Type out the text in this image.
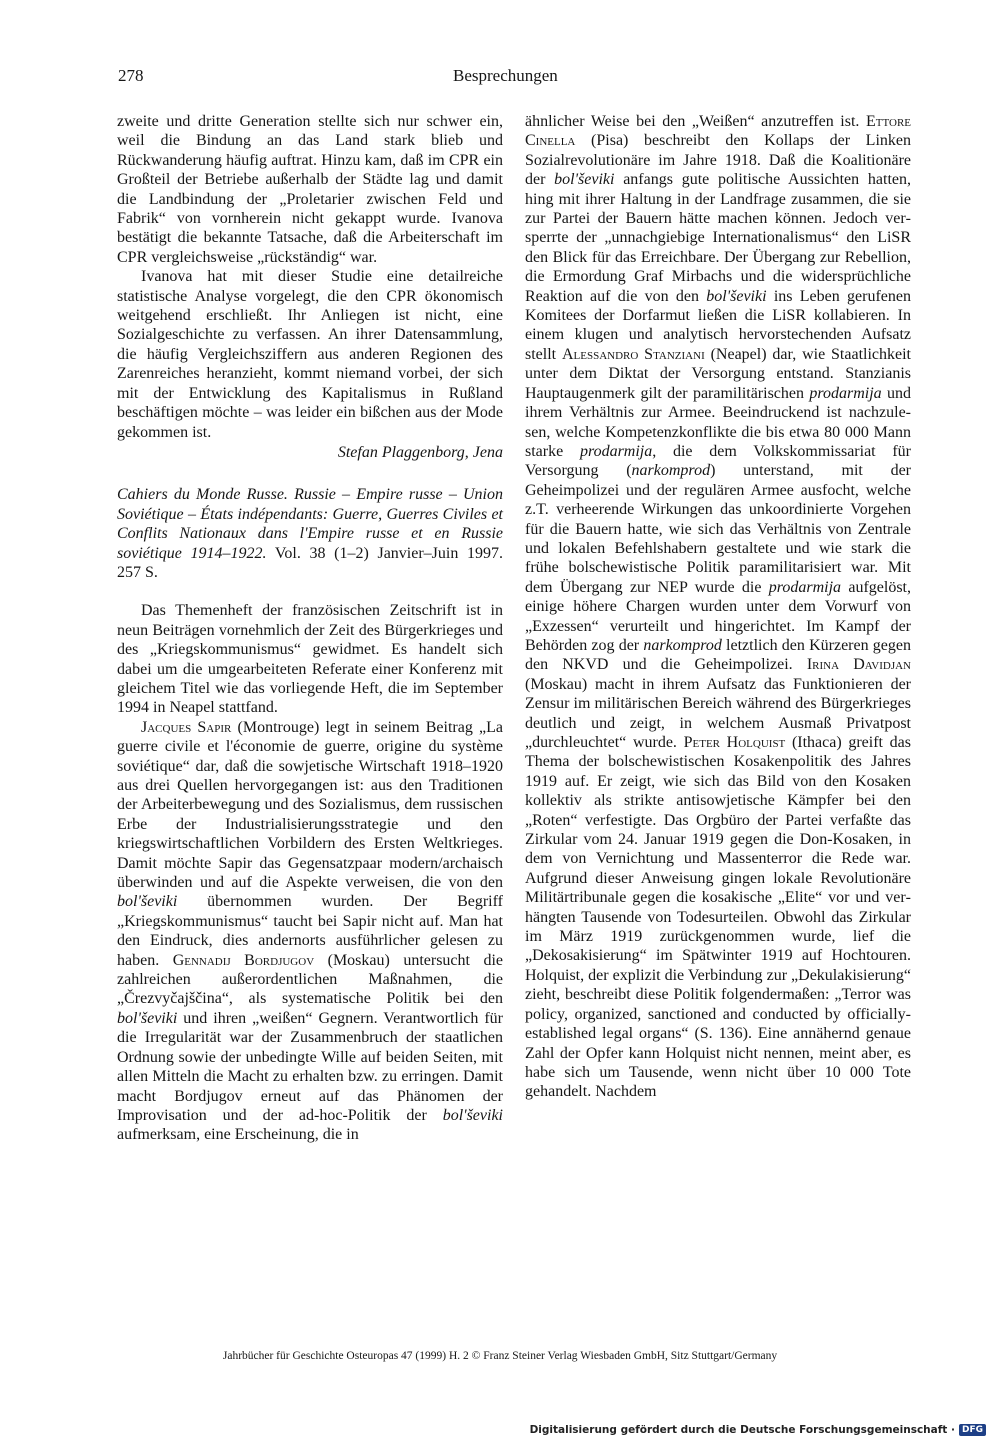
278	Besprechungen

zweite und dritte Generation stellte sich nur schwer ein, weil die Bindung an das Land stark blieb und Rückwanderung häufig auftrat. Hinzu kam, daß im CPR ein Großteil der Betriebe außerhalb der Städte lag und damit die Landbindung der „Proletarier zwischen Feld und Fabrik“ von vornherein nicht gekappt wurde. Ivanova bestätigt die bekannte Tatsache, daß die Arbeiterschaft im CPR vergleichsweise „rückständig“ war.

Ivanova hat mit dieser Studie eine detailreiche statistische Analyse vorgelegt, die den CPR ökonomisch weitgehend erschließt. Ihr Anliegen ist nicht, eine Sozialgeschichte zu verfassen. An ihrer Datensammlung, die häufig Vergleichsziffern aus anderen Regionen des Zarenreiches heranzieht, kommt niemand vorbei, der sich mit der Entwicklung des Kapitalismus in Rußland beschäftigen möchte – was leider ein bißchen aus der Mode gekommen ist.

Stefan Plaggenborg, Jena

Cahiers du Monde Russe. Russie – Empire russe – Union Soviétique – États indépendants: Guerre, Guerres Civiles et Conflits Nationaux dans l'Empire russe et en Russie soviétique 1914–1922. Vol. 38 (1–2) Janvier–Juin 1997. 257 S.

Das Themenheft der französischen Zeitschrift ist in neun Beiträgen vornehmlich der Zeit des Bürgerkrieges und des „Kriegskommunismus“ gewidmet. Es handelt sich dabei um die umgearbeiteten Referate einer Konferenz mit gleichem Titel wie das vorliegende Heft, die im September 1994 in Neapel stattfand.

Jacques Sapir (Montrouge) legt in seinem Beitrag „La guerre civile et l'économie de guerre, origine du système soviétique“ dar, daß die sowjetische Wirtschaft 1918–1920 aus drei Quellen hervorgegangen ist: aus den Traditionen der Arbeiterbewegung und des Sozialismus, dem russischen Erbe der Industrialisierungsstrategie und den kriegswirtschaftlichen Vorbildern des Ersten Weltkrieges. Damit möchte Sapir das Gegensatzpaar modern/archaisch überwinden und auf die Aspekte verweisen, die von den bol'ševiki übernommen wurden. Der Begriff „Kriegskommunismus“ taucht bei Sapir nicht auf. Man hat den Eindruck, dies andernorts ausführlicher gelesen zu haben. Gennadij Bordjugov (Moskau) untersucht die zahlreichen außerordentlichen Maßnahmen, die „Črezvyčajščina“, als systematische Politik bei den bol'ševiki und ihren „weißen“ Gegnern. Verantwortlich für die Irregularität war der Zusammenbruch der staatlichen Ordnung sowie der unbedingte Wille auf beiden Seiten, mit allen Mitteln die Macht zu erhalten bzw. zu erringen. Damit macht Bordjugov erneut auf das Phänomen der Improvisation und der ad-hoc-Politik der bol'ševiki aufmerksam, eine Erscheinung, die in

ähnlicher Weise bei den „Weißen“ anzutreffen ist. Ettore Cinella (Pisa) beschreibt den Kollaps der Linken Sozialrevolutionäre im Jahre 1918. Daß die Koalitionäre der bol'ševiki anfangs gute politische Aussichten hatten, hing mit ihrer Haltung in der Landfrage zusammen, die sie zur Partei der Bauern hätte machen können. Jedoch versperrte der „unnachgiebige Internationalismus“ den LiSR den Blick für das Erreichbare. Der Übergang zur Rebellion, die Ermordung Graf Mirbachs und die widersprüchliche Reaktion auf die von den bol'ševiki ins Leben gerufenen Komitees der Dorfarmut ließen die LiSR kollabieren. In einem klugen und analytisch hervorstechenden Aufsatz stellt Alessandro Stanziani (Neapel) dar, wie Staatlichkeit unter dem Diktat der Versorgung entstand. Stanzianis Hauptaugenmerk gilt der paramilitärischen prodarmija und ihrem Verhältnis zur Armee. Beeindruckend ist nachzulesen, welche Kompetenzkonflikte die bis etwa 80 000 Mann starke prodarmija, die dem Volkskommissariat für Versorgung (narkomprod) unterstand, mit der Geheimpolizei und der regulären Armee ausfocht, welche z.T. verheerende Wirkungen das unkoordinierte Vorgehen für die Bauern hatte, wie sich das Verhältnis von Zentrale und lokalen Befehlshabern gestaltete und wie stark die frühe bolschewistische Politik paramilitarisiert war. Mit dem Übergang zur NEP wurde die prodarmija aufgelöst, einige höhere Chargen wurden unter dem Vorwurf von „Exzessen“ verurteilt und hingerichtet. Im Kampf der Behörden zog der narkomprod letztlich den Kürzeren gegen den NKVD und die Geheimpolizei. Irina Davidjan (Moskau) macht in ihrem Aufsatz das Funktionieren der Zensur im militärischen Bereich während des Bürgerkrieges deutlich und zeigt, in welchem Ausmaß Privatpost „durchleuchtet“ wurde. Peter Holquist (Ithaca) greift das Thema der bolschewistischen Kosakenpolitik des Jahres 1919 auf. Er zeigt, wie sich das Bild von den Kosaken kollektiv als strikte antisowjetische Kämpfer bei den „Roten“ verfestigte. Das Orgbüro der Partei verfaßte das Zirkular vom 24. Januar 1919 gegen die Don-Kosaken, in dem von Vernichtung und Massenterror die Rede war. Aufgrund dieser Anweisung gingen lokale Revolutionäre Militärtribunale gegen die kosakische „Elite“ vor und verhängten Tausende von Todesurteilen. Obwohl das Zirkular im März 1919 zurückgenommen wurde, lief die „Dekosakisierung“ im Spätwinter 1919 auf Hochtouren. Holquist, der explizit die Verbindung zur „Dekulakisierung“ zieht, beschreibt diese Politik folgendermaßen: „Terror was policy, organized, sanctioned and conducted by officially-established legal organs“ (S. 136). Eine annähernd genaue Zahl der Opfer kann Holquist nicht nennen, meint aber, es habe sich um Tausende, wenn nicht über 10 000 Tote gehandelt. Nachdem

Jahrbücher für Geschichte Osteuropas 47 (1999) H. 2 © Franz Steiner Verlag Wiesbaden GmbH, Sitz Stuttgart/Germany
Digitalisierung gefördert durch die Deutsche Forschungsgemeinschaft · DFG
